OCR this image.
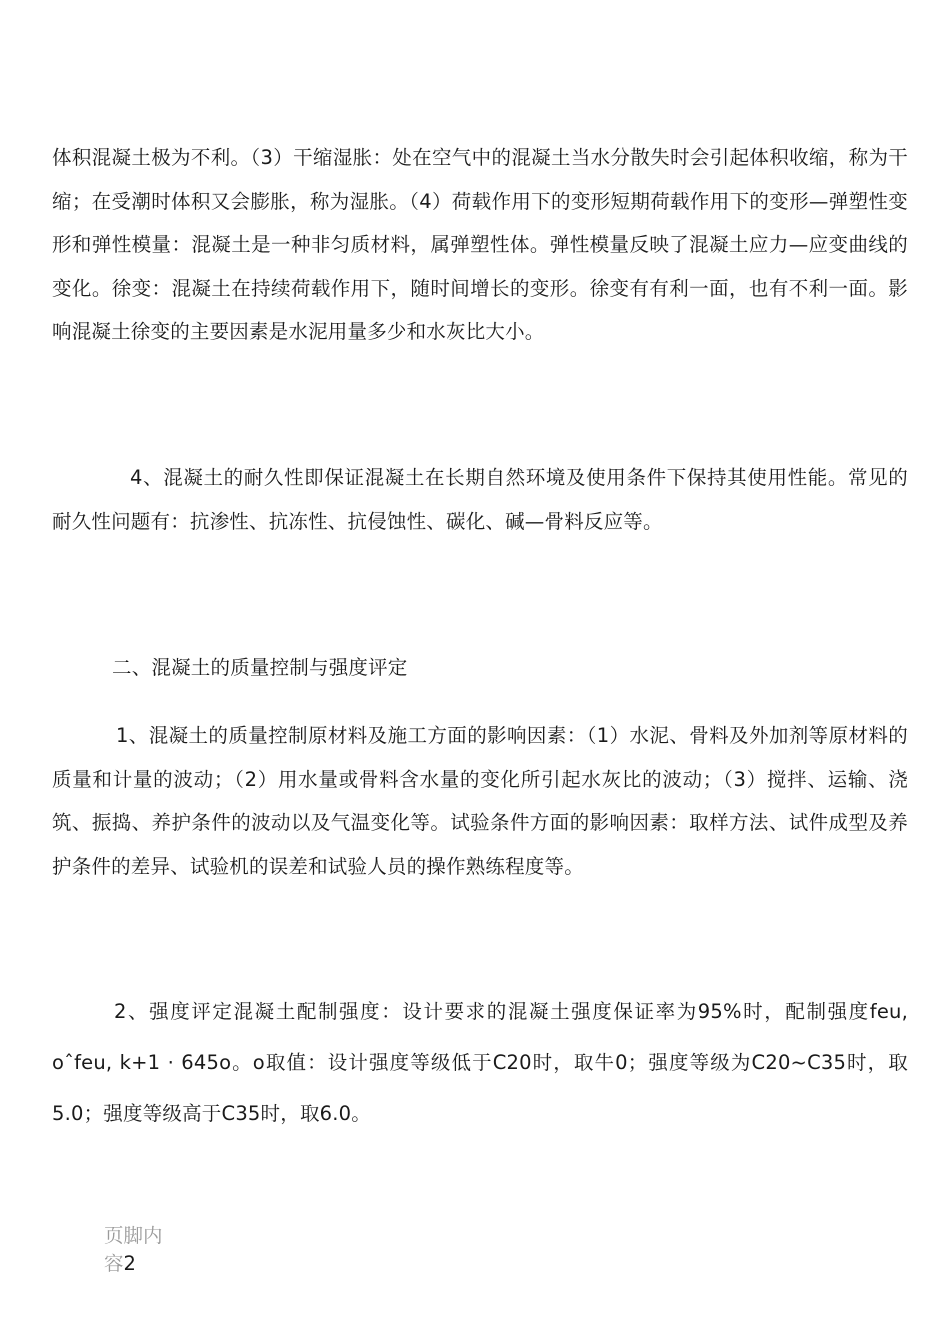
体积混凝土极为不利。（3）干缩湿胀：处在空气中的混凝土当水分散失时会引起体积收缩，称为干缩；在受潮时体积又会膨胀，称为湿胀。（4）荷载作用下的变形短期荷载作用下的变形—弹塑性变形和弹性模量：混凝土是一种非匀质材料，属弹塑性体。弹性模量反映了混凝土应力—应变曲线的变化。徐变：混凝土在持续荷载作用下，随时间增长的变形。徐变有有利一面，也有不利一面。影响混凝土徐变的主要因素是水泥用量多少和水灰比大小。

4、混凝土的耐久性即保证混凝土在长期自然环境及使用条件下保持其使用性能。常见的耐久性问题有：抗渗性、抗冻性、抗侵蚀性、碳化、碱—骨料反应等。

二、混凝土的质量控制与强度评定

1、混凝土的质量控制原材料及施工方面的影响因素：（1）水泥、骨料及外加剂等原材料的质量和计量的波动；（2）用水量或骨料含水量的变化所引起水灰比的波动；（3）搅拌、运输、浇筑、振捣、养护条件的波动以及气温变化等。试验条件方面的影响因素：取样方法、试件成型及养护条件的差异、试验机的误差和试验人员的操作熟练程度等。

2、强度评定混凝土配制强度：设计要求的混凝土强度保证率为95%时，配制强度feu, oˆfeu, k+1 · 645o。o取值：设计强度等级低于C20时，取牛0；强度等级为C20~C35时，取5.0；强度等级高于C35时，取6.0。

页脚内容2
